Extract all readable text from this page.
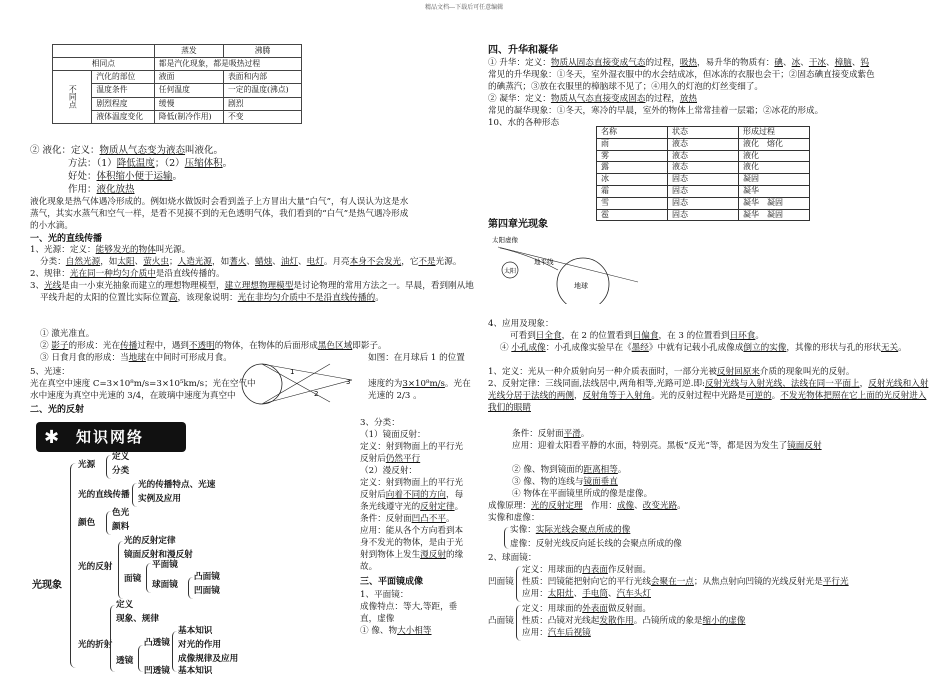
精品文档---下载后可任意编辑
		蒸发	沸腾
相同点		都是汽化现象，都是吸热过程	
不同点	汽化的部位	液面	表面和内部
	温度条件	任何温度	一定的温度(沸点)
	剧烈程度	缓慢	剧烈
	液体温度变化	降低(制冷作用)	不变
② 液化：定义：物质从气态变为液态叫液化。
方法：（1）降低温度；（2）压缩体积。
好处：体积缩小便于运输。
作用：液化放热
液化现象是热气体遇冷形成的。例如烧水做饭时会看到盖子上方冒出大量“白气”，有人误认为这是水
蒸气，其实水蒸气和空气一样，是看不见摸不到的无色透明气体，我们看到的“白气”是热气遇冷形成
的小水滴。
一、光的直线传播
1、光源：定义：能够发光的物体叫光源。
分类：自然光源，如太阳、萤火虫；人造光源，如蓍火、蜡烛、油灯、电灯。月亮本身不会发光，它不是光源。
2、规律：光在同一种均匀介质中是沿直线传播的。
3、光线是由一小束光抽象而建立的理想物理模型，建立理想物理模型是讨论物理的常用方法之一。早晨，看到刚从地
平线升起的太阳的位置比实际位置高，该现象说明：光在非均匀介质中不是沿直线传播的。
① 激光准直。
② 影子的形成：光在传播过程中，遇到不透明的物体，在物体的后面形成黑色区域即影子。
③ 日食月食的形成：当地球在中间时可形成月食。	如图：在月球后 1 的位置
1
2
3
5、光速：
光在真空中速度 C=3×10⁸m/s=3×10⁵km/s；光在空气中
水中速度为真空中光速的 3/4，在玻璃中速度为真空中
速度约为3×10⁸m/s。光在
光速的 2/3 。
二、光的反射
✱ 知识网络
光现象
光源
定义
分类
光的直线传播
光的传播特点、光速
实例及应用
颜色
色光
颜料
光的反射
光的反射定律
镜面反射和漫反射
面镜
平面镜
球面镜
凸面镜
凹面镜
光的折射
定义
现象、规律
透镜
凸透镜
基本知识
对光的作用
成像规律及应用
基本知识
凹透镜
3、分类：
（1）镜面反射：
定义：射到物面上的平行光
反射后仍然平行
（2）漫反射：
定义：射到物面上的平行光
反射后向着不同的方向，每
条光线遵守光的反射定律。
条件：反射面凹凸不平。
应用：能从各个方向看到本
身不发光的物体，是由于光
射到物体上发生漫反射的缘
故。
三、平面镜成像
1、平面镜：
成像特点：等大,等距，垂
直，虚像
① 像、物大小相等
四、升华和凝华
① 升华：定义：物质从固态直接变成气态的过程，吸热，易升华的物质有：碘、冰、干冰、樟脑、钨
常见的升华现象：①冬天，室外湿衣服中的水会结成冰，但冰冻的衣服也会干；②固态碘直接变成紫色
的碘蒸汽；③放在衣服里的樟脑球不见了；④用久的灯泡的灯丝变细了。
② 凝华：定义：物质从气态直接变成固态的过程，放热
常见的凝华现象：①冬天，寒冷的早晨，室外的物体上常常挂着一层霜；②冰花的形成。
10、水的各种形态
名称	状态	形成过程
雨	液态	液化　熔化
雾	液态	液化
露	液态	液化
冰	固态	凝固
霜	固态	凝华
雪	固态	凝华　凝固
雹	固态	凝华　凝固
第四章光现象
太阳虚像
太阳
地平线
地球
4、应用及现象：
可看到日全食，在 2 的位置看到日偏食，在 3 的位置看到日环食。
④ 小孔成像：小孔成像实验早在《墨经》中就有记载小孔成像成倒立的实像，其像的形状与孔的形状无关。
1、定义：光从一种介质射向另一种介质表面时，一部分光被反射回原来介质的现象叫光的反射。
2、反射定律：三线同面,法线居中,两角相等,光路可逆.即:反射光线与入射光线、法线在同一平面上，反射光线和入射
光线分居于法线的两侧，反射角等于入射角。光的反射过程中光路是可逆的。不发光物体把照在它上面的光反射进入
我们的眼睛
条件：反射面平滑。
应用：迎着太阳看平静的水面，特别亮。黑板“反光”等，都是因为发生了镜面反射
② 像、物到镜面的距离相等。
③ 像、物的连线与镜面垂直
④ 物体在平面镜里所成的像是虚像。
成像原理：光的反射定理　作用：成像、改变光路。
实像和虚像：
实像：实际光线会聚点所成的像
虚像：反射光线反向延长线的会聚点所成的像
2、球面镜：
凹面镜
定义：用球面的内表面作反射面。
性质：凹镜能把射向它的平行光线会聚在一点；从焦点射向凹镜的光线反射光是平行光
应用：太阳灶、手电筒、汽车头灯
凸面镜
定义：用球面的外表面做反射面。
性质：凸镜对光线起发散作用。凸镜所成的象是缩小的虚像
应用：汽车后视镜
